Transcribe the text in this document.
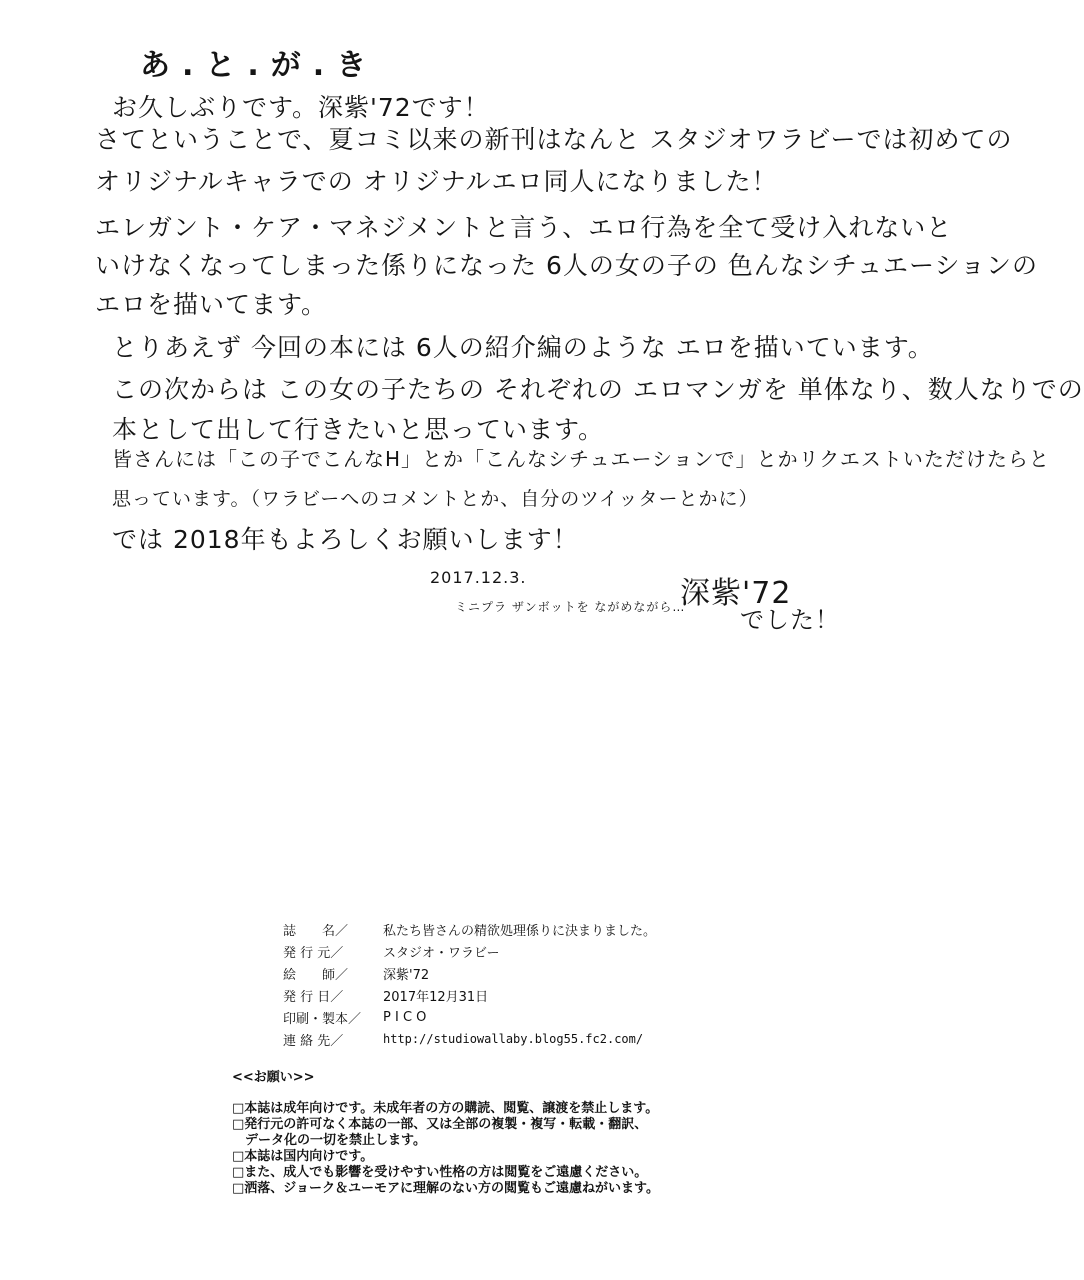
あ.と.が.き
お久しぶりです。深紫'72です！
さてということで、夏コミ以来の新刊はなんと スタジオワラビーでは初めての
オリジナルキャラでの オリジナルエロ同人になりました！
エレガント・ケア・マネジメントと言う、エロ行為を全て受け入れないと
いけなくなってしまった係りになった 6人の女の子の 色んなシチュエーションの
エロを描いてます。
とりあえず 今回の本には 6人の紹介編のような エロを描いています。
この次からは この女の子たちの それぞれの エロマンガを 単体なり、数人なりでの
本として出して行きたいと思っています。
皆さんには「この子でこんなH」とか「こんなシチュエーションで」とかリクエストいただけたらと
思っています。（ワラビーへのコメントとか、自分のツイッターとかに）
では 2018年もよろしくお願いします！
2017.12.3.
ミニプラ ザンボットを ながめながら…
深紫'72
でした！
誌　　名／	私たち皆さんの精欲処理係りに決まりました。
発 行 元／	スタジオ・ワラビー
絵　　師／	深紫'72
発 行 日／	2017年12月31日
印刷・製本／	P I C O
連 絡 先／	http://studiowallaby.blog55.fc2.com/
<<お願い>>
□本誌は成年向けです。未成年者の方の購読、閲覧、譲渡を禁止します。
□発行元の許可なく本誌の一部、又は全部の複製・複写・転載・翻訳、
　データ化の一切を禁止します。
□本誌は国内向けです。
□また、成人でも影響を受けやすい性格の方は閲覧をご遠慮ください。
□洒落、ジョーク＆ユーモアに理解のない方の閲覧もご遠慮ねがいます。
